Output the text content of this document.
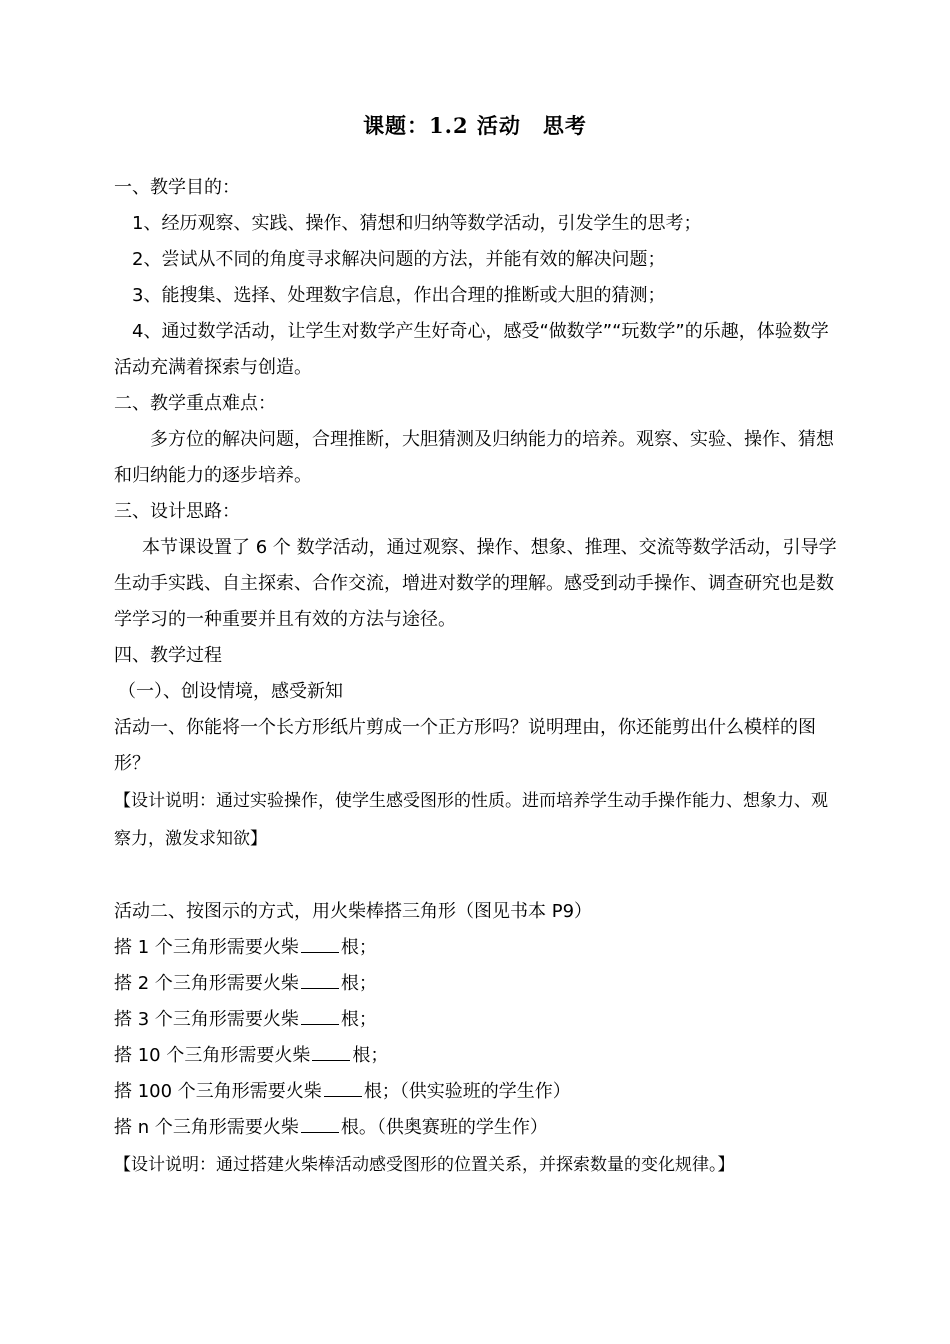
课题：1.2 活动　思考

一、教学目的：

1、经历观察、实践、操作、猜想和归纳等数学活动，引发学生的思考；

2、尝试从不同的角度寻求解决问题的方法，并能有效的解决问题；

3、能搜集、选择、处理数字信息，作出合理的推断或大胆的猜测；

4、通过数学活动，让学生对数学产生好奇心，感受“做数学”“玩数学”的乐趣，体验数学活动充满着探索与创造。

二、教学重点难点：

多方位的解决问题，合理推断，大胆猜测及归纳能力的培养。观察、实验、操作、猜想和归纳能力的逐步培养。

三、设计思路：

本节课设置了 6 个 数学活动，通过观察、操作、想象、推理、交流等数学活动，引导学生动手实践、自主探索、合作交流，增进对数学的理解。感受到动手操作、调查研究也是数学学习的一种重要并且有效的方法与途径。

四、教学过程

（一）、创设情境，感受新知

活动一、你能将一个长方形纸片剪成一个正方形吗？说明理由，你还能剪出什么模样的图形？

【设计说明：通过实验操作，使学生感受图形的性质。进而培养学生动手操作能力、想象力、观察力，激发求知欲】

活动二、按图示的方式，用火柴棒搭三角形（图见书本 P9）

搭 1 个三角形需要火柴 根；

搭 2 个三角形需要火柴 根；

搭 3 个三角形需要火柴 根；

搭 10 个三角形需要火柴 根；

搭 100 个三角形需要火柴 根；（供实验班的学生作）

搭 n 个三角形需要火柴 根。（供奥赛班的学生作）

【设计说明：通过搭建火柴棒活动感受图形的位置关系，并探索数量的变化规律。】
